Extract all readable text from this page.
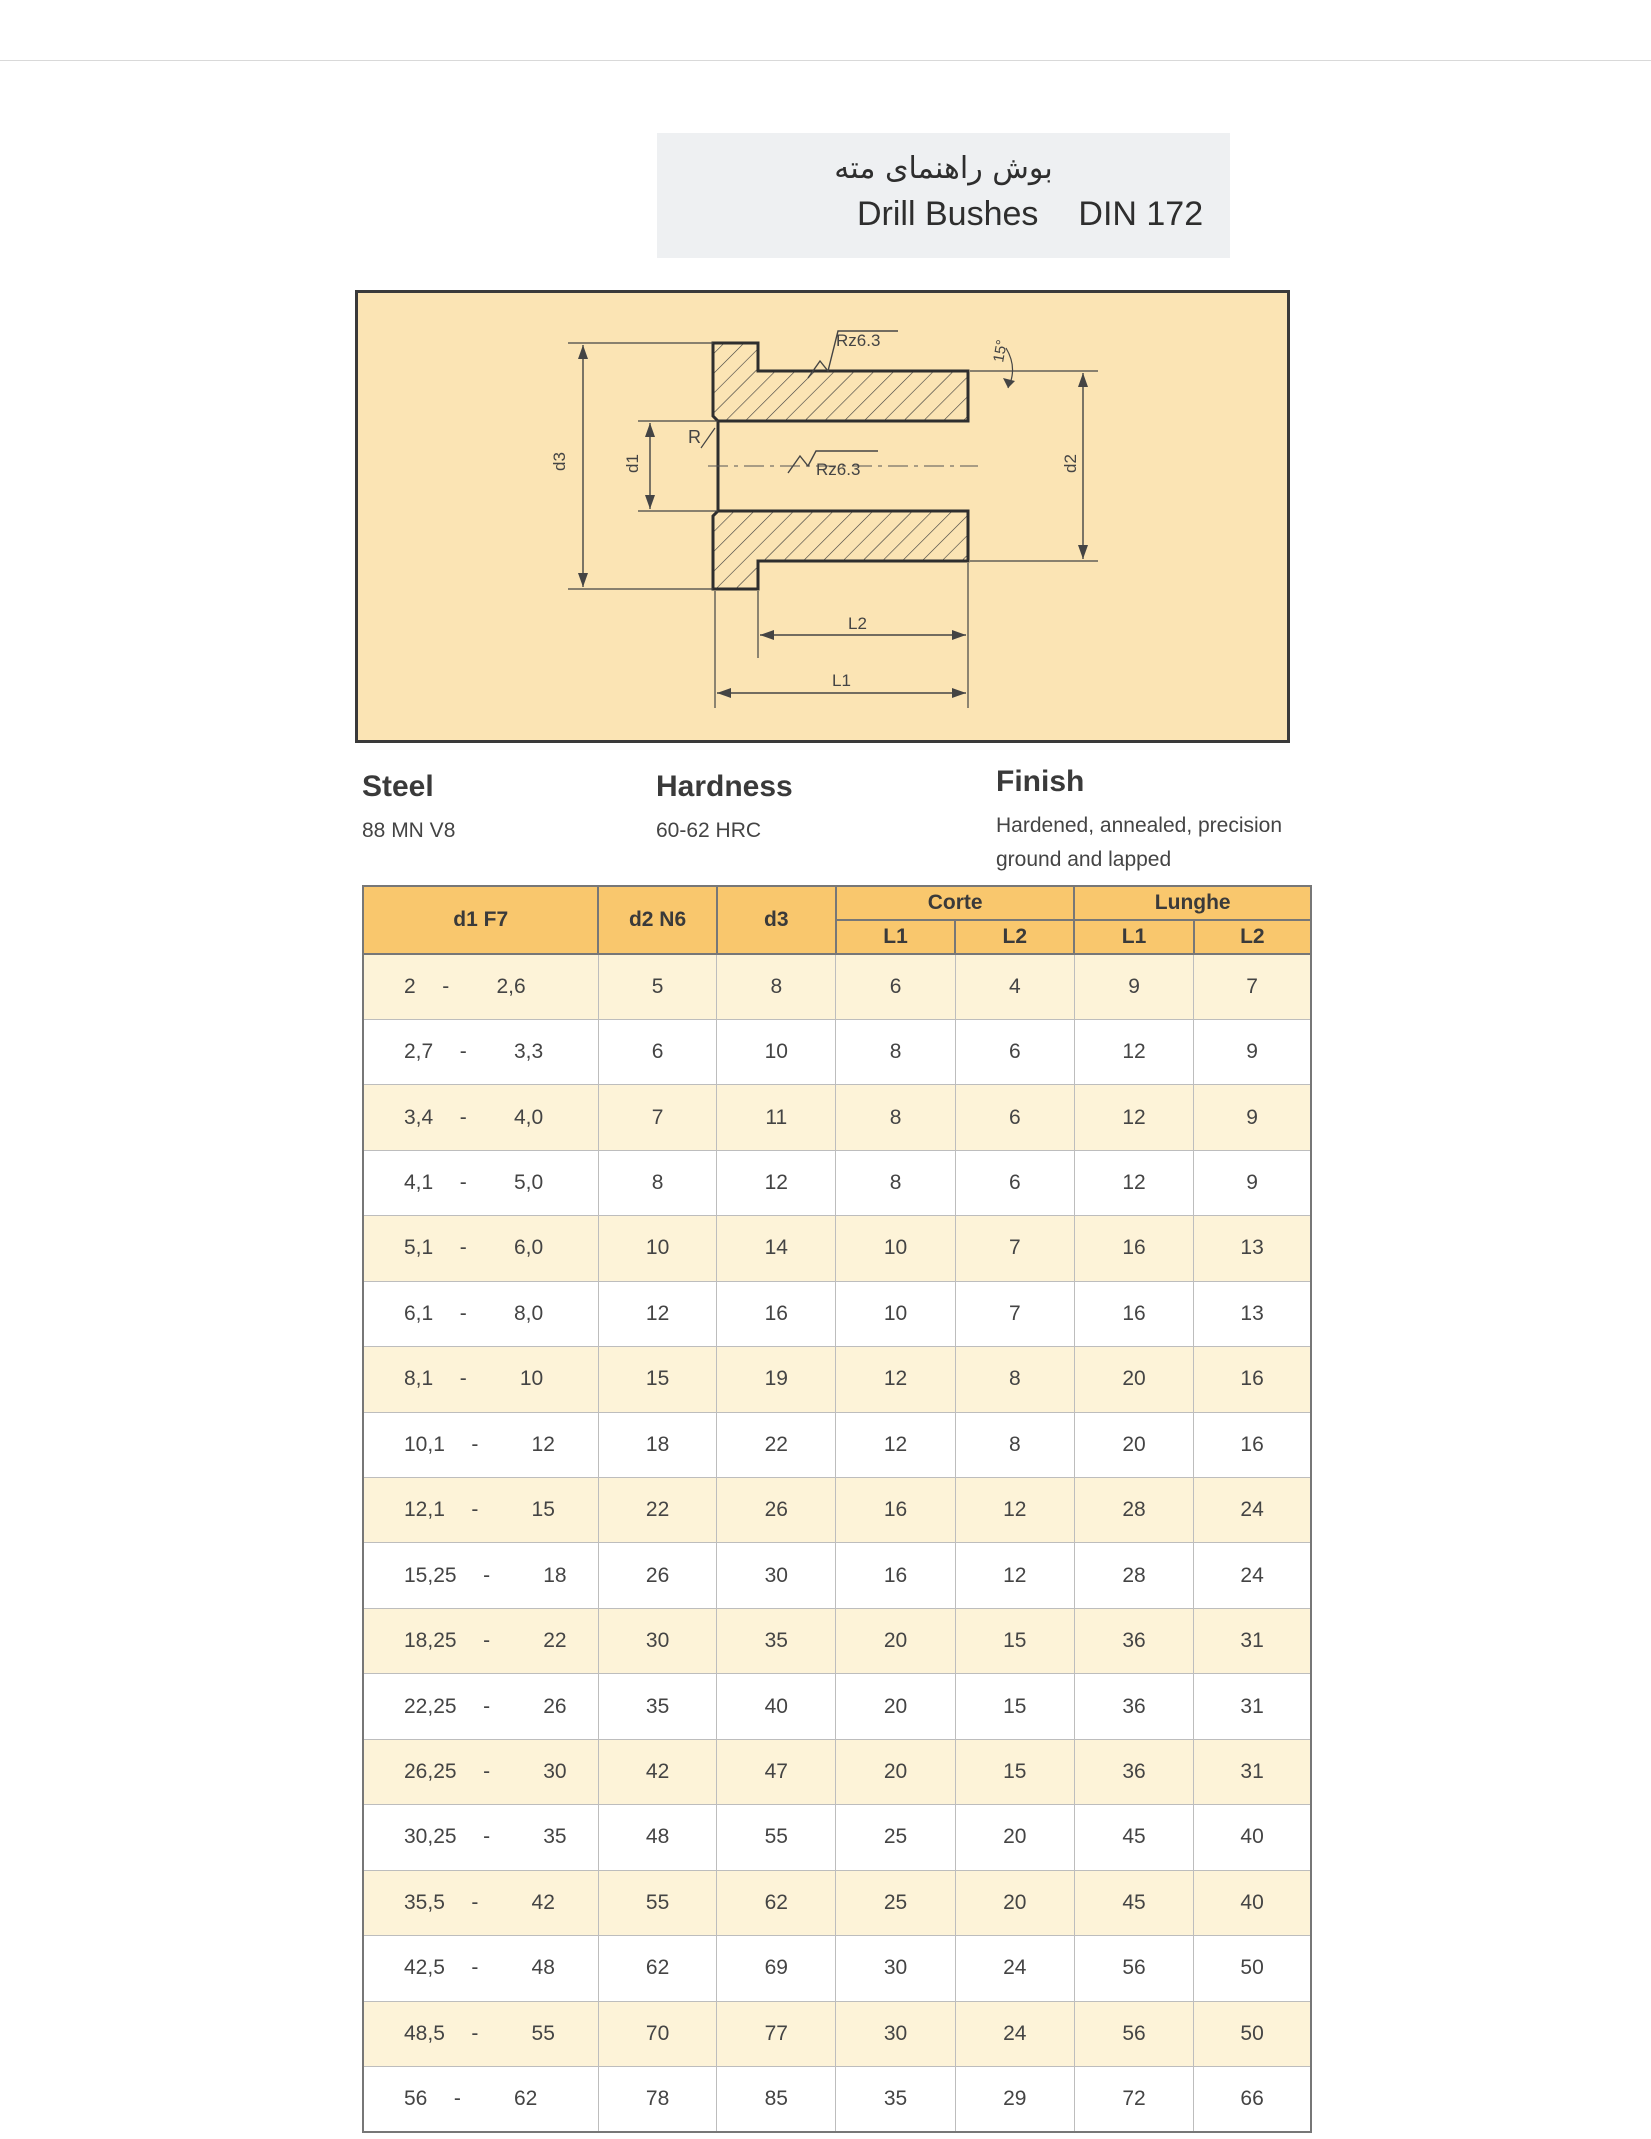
بوش راهنمای مته
Drill Bushes DIN 172
d3	d1
R
d2
Rz6.3
Rz6.3
15°
L2
L1
Steel

88 MN V8

Hardness

60-62 HRC

Finish

Hardened, annealed, precision ground and lapped

d1 F7	d2 N6	d3	Corte		Lunghe	
			L1	L2	L1	L2
2 - 2,6	5	8	6	4	9	7
2,7 - 3,3	6	10	8	6	12	9
3,4 - 4,0	7	11	8	6	12	9
4,1 - 5,0	8	12	8	6	12	9
5,1 - 6,0	10	14	10	7	16	13
6,1 - 8,0	12	16	10	7	16	13
8,1 - 10	15	19	12	8	20	16
10,1 - 12	18	22	12	8	20	16
12,1 - 15	22	26	16	12	28	24
15,25 - 18	26	30	16	12	28	24
18,25 - 22	30	35	20	15	36	31
22,25 - 26	35	40	20	15	36	31
26,25 - 30	42	47	20	15	36	31
30,25 - 35	48	55	25	20	45	40
35,5 - 42	55	62	25	20	45	40
42,5 - 48	62	69	30	24	56	50
48,5 - 55	70	77	30	24	56	50
56 - 62	78	85	35	29	72	66
